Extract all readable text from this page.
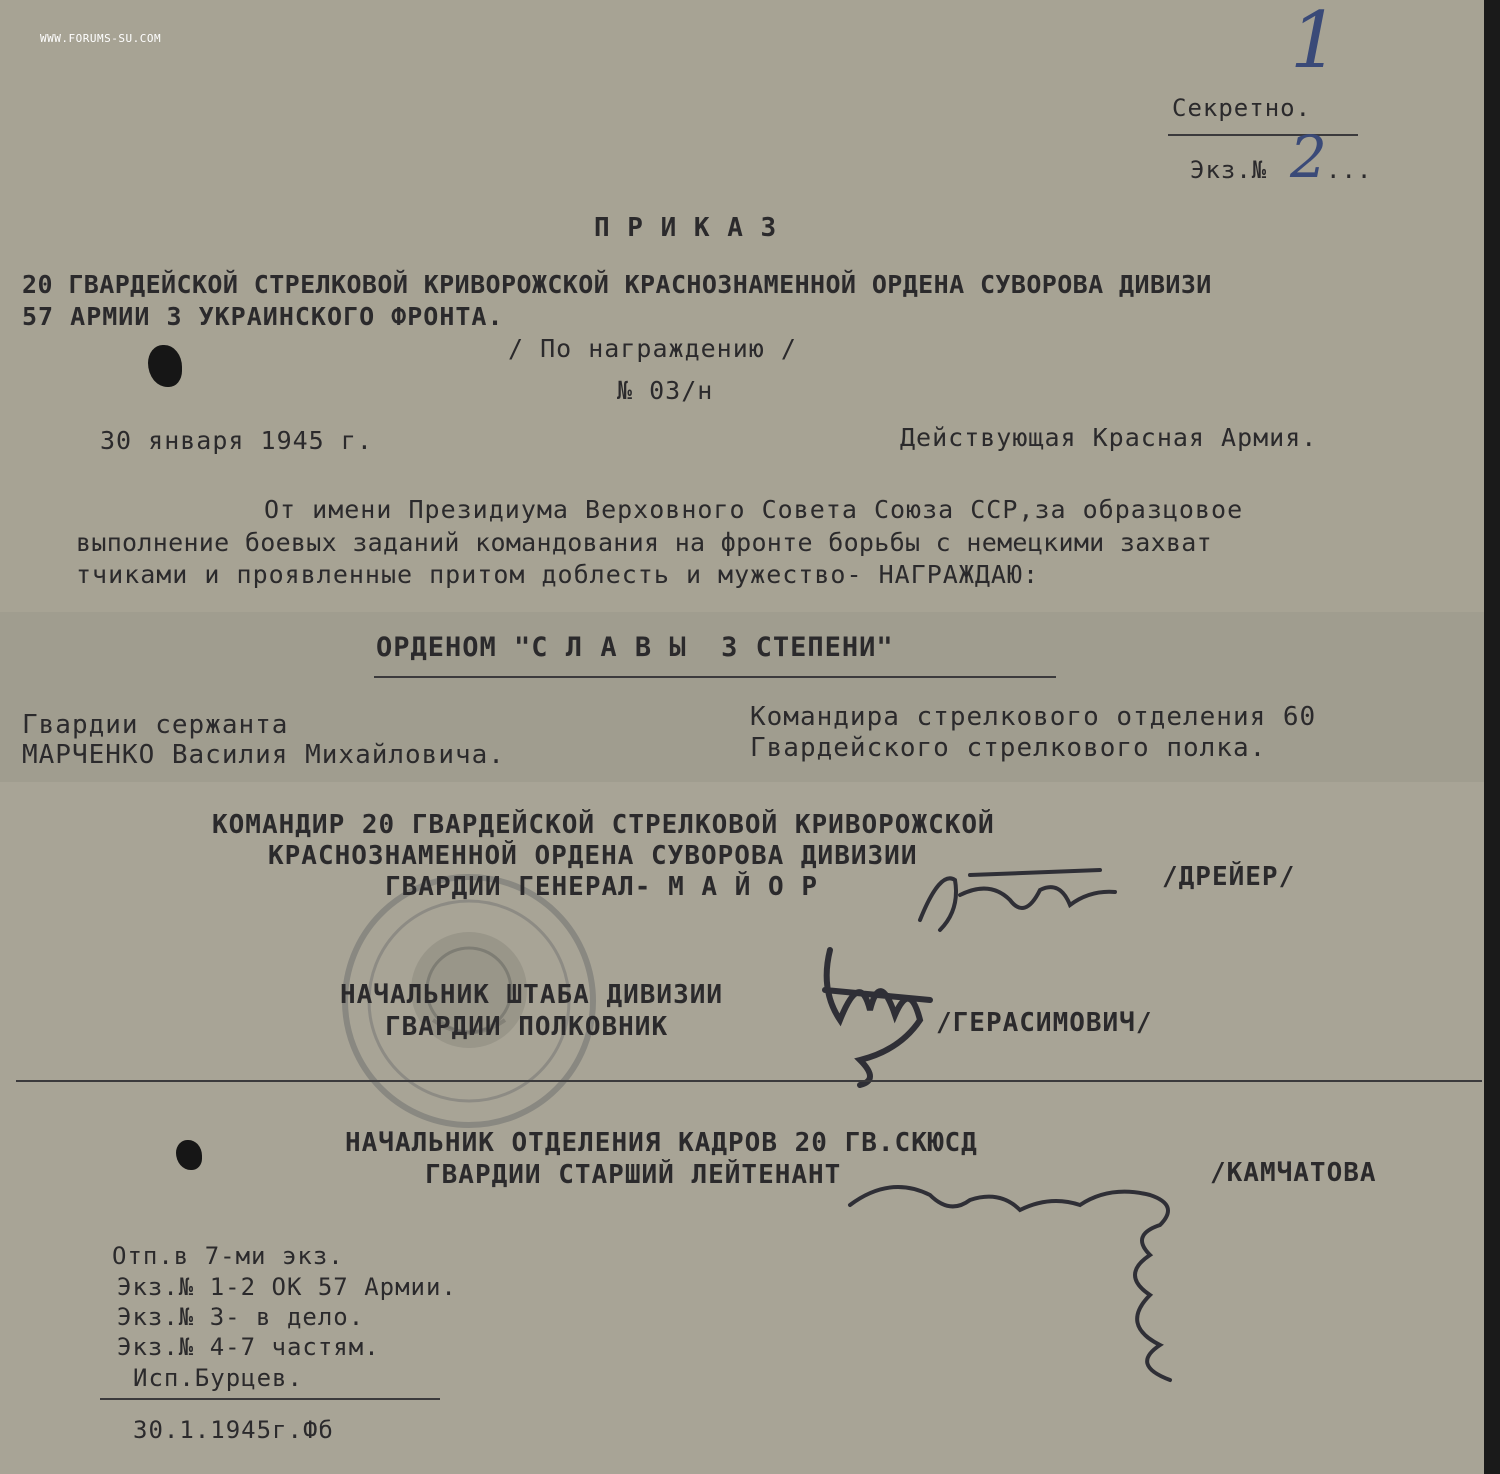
WWW.FORUMS-SU.COM	1
Секретно.
Экз.№ 2
...
П Р И К А З
20 ГВАРДЕЙСКОЙ СТРЕЛКОВОЙ КРИВОРОЖСКОЙ КРАСНОЗНАМЕННОЙ ОРДЕНА СУВОРОВА ДИВИЗИ
57 АРМИИ 3 УКРАИНСКОГО ФРОНТА.
/ По награждению /
№ 03/н
30 января 1945 г.	Действующая Красная Армия.
От имени Президиума Верховного Совета Союза ССР,за образцовое
выполнение боевых заданий командования на фронте борьбы с немецкими захват
тчиками и проявленные притом доблесть и мужество- НАГРАЖДАЮ:
ОРДЕНОМ "С Л А В Ы  3 СТЕПЕНИ"
Гвардии сержанта
МАРЧЕНКО Василия Михайловича.
Командира стрелкового отделения 60
Гвардейского стрелкового полка.
КОМАНДИР 20 ГВАРДЕЙСКОЙ СТРЕЛКОВОЙ КРИВОРОЖСКОЙ
КРАСНОЗНАМЕННОЙ ОРДЕНА СУВОРОВА ДИВИЗИИ
ГВАРДИИ ГЕНЕРАЛ- М А Й О Р	/ДРЕЙЕР/
НАЧАЛЬНИК ШТАБА ДИВИЗИИ
ГВАРДИИ ПОЛКОВНИК	/ГЕРАСИМОВИЧ/
НАЧАЛЬНИК ОТДЕЛЕНИЯ КАДРОВ 20 ГВ.СКЮСД
ГВАРДИИ СТАРШИЙ ЛЕЙТЕНАНТ	/КАМЧАТОВА
Отп.в 7-ми экз.
Экз.№ 1-2 ОК 57 Армии.
Экз.№ 3- в дело.
Экз.№ 4-7 частям.
Исп.Бурцев.
30.1.1945г.Фб
